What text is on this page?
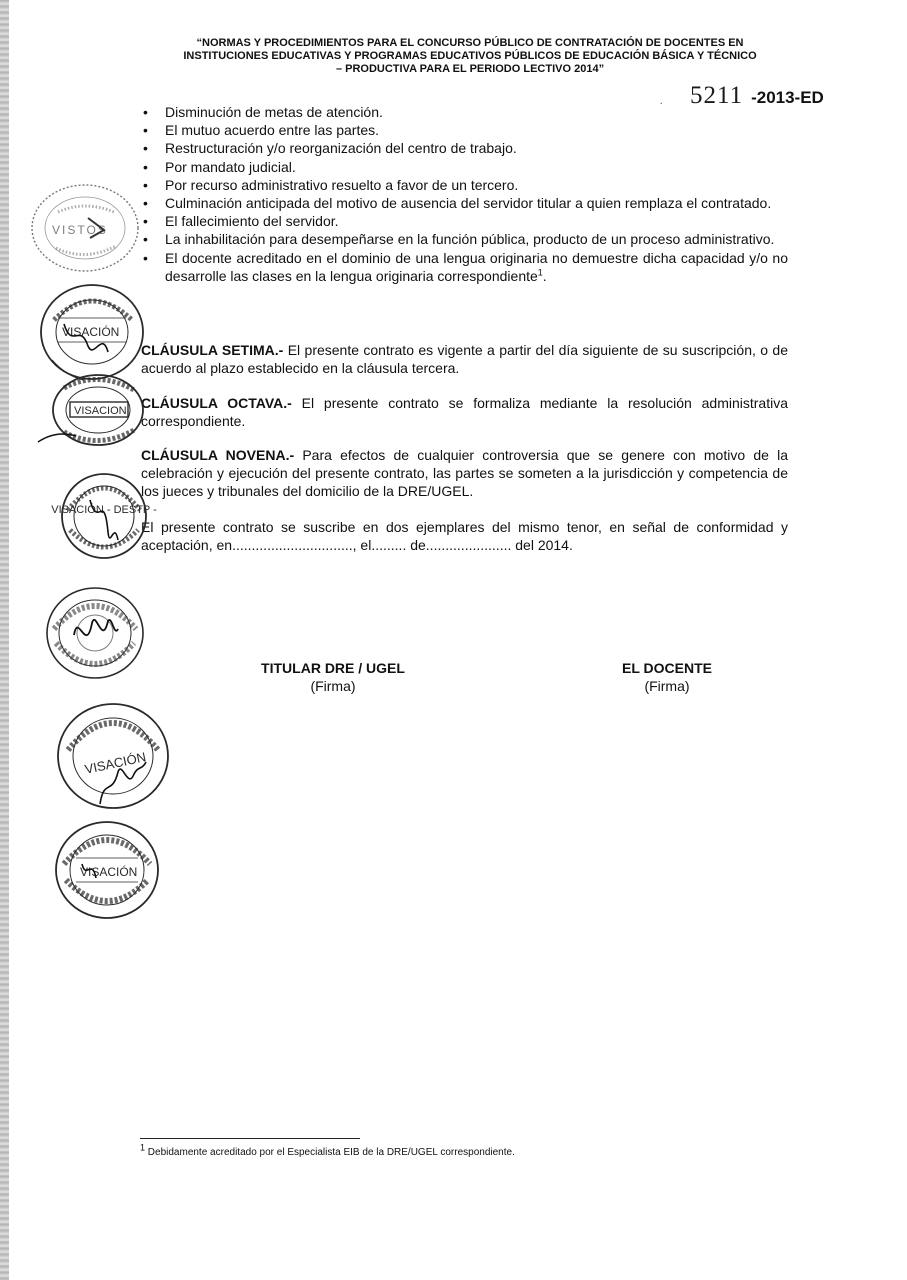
“NORMAS Y PROCEDIMIENTOS PARA EL CONCURSO PÚBLICO DE CONTRATACIÓN DE DOCENTES EN
INSTITUCIONES EDUCATIVAS Y PROGRAMAS EDUCATIVOS PÚBLICOS DE EDUCACIÓN BÁSICA Y TÉCNICO
– PRODUCTIVA PARA EL PERIODO LECTIVO 2014”
. 5211 -2013-ED
• Disminución de metas de atención.
• El mutuo acuerdo entre las partes.
• Restructuración y/o reorganización del centro de trabajo.
• Por mandato judicial.
• Por recurso administrativo resuelto a favor de un tercero.
• Culminación anticipada del motivo de ausencia del servidor titular a quien remplaza el contratado.
• El fallecimiento del servidor.
• La inhabilitación para desempeñarse en la función pública, producto de un proceso administrativo.
• El docente acreditado en el dominio de una lengua originaria no demuestre dicha capacidad y/o no desarrolle las clases en la lengua originaria correspondiente$^1$.
CLÁUSULA SETIMA.- El presente contrato es vigente a partir del día siguiente de su suscripción, o de acuerdo al plazo establecido en la cláusula tercera.
CLÁUSULA OCTAVA.- El presente contrato se formaliza mediante la resolución administrativa correspondiente.
CLÁUSULA NOVENA.- Para efectos de cualquier controversia que se genere con motivo de la celebración y ejecución del presente contrato, las partes se someten a la jurisdicción y competencia de los jueces y tribunales del domicilio de la DRE/UGEL.
El presente contrato se suscribe en dos ejemplares del mismo tenor, en señal de conformidad y aceptación, en..............................., el......... de...................... del 2014.
TITULAR DRE / UGEL
(Firma)
EL DOCENTE
(Firma)
$^1$ Debidamente acreditado por el Especialista EIB de la DRE/UGEL correspondiente.
VISTOS
VISACIÓN
VISACION
VISACIÓN - DESTP -
VISACIÓN
VISACIÓN
